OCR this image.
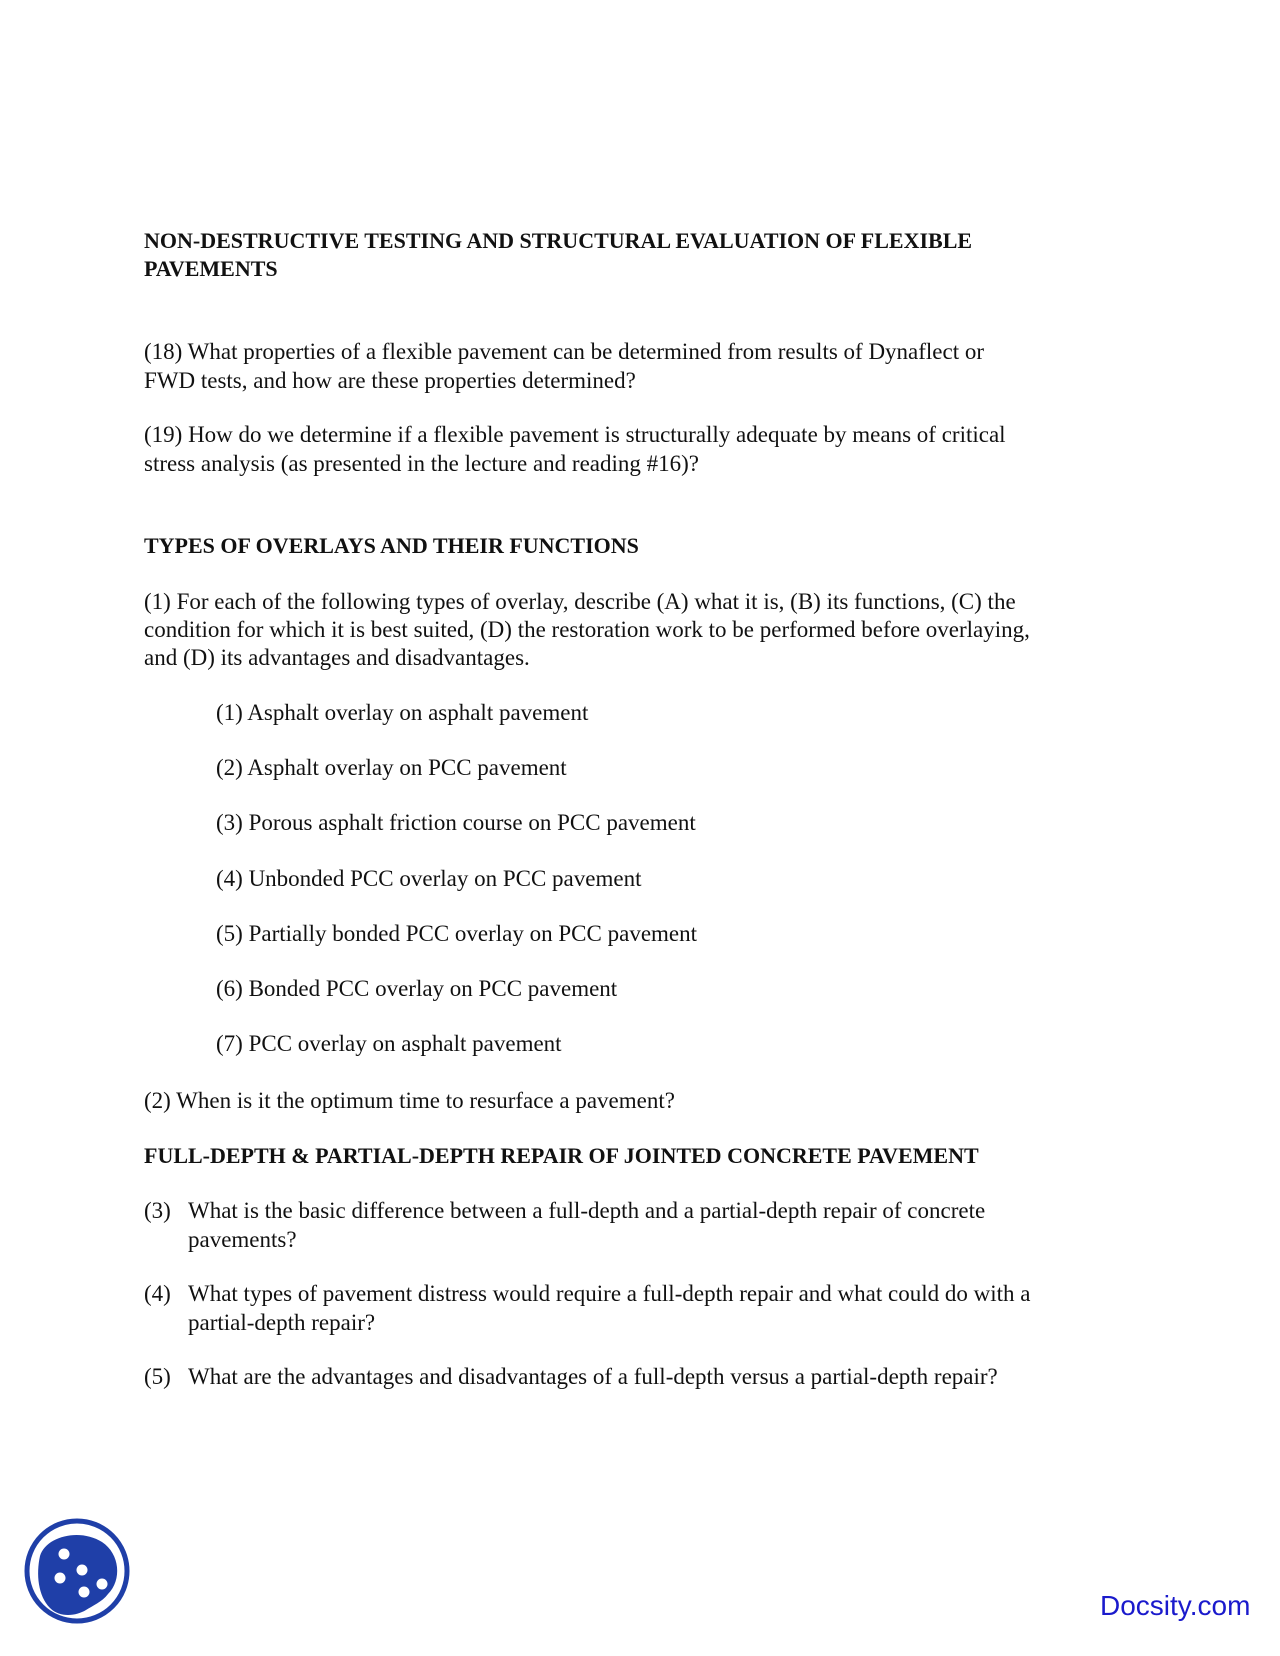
NON-DESTRUCTIVE TESTING AND STRUCTURAL EVALUATION OF FLEXIBLE

PAVEMENTS

(18) What properties of a flexible pavement can be determined from results of Dynaflect or

FWD tests, and how are these properties determined?

(19) How do we determine if a flexible pavement is structurally adequate by means of critical

stress analysis (as presented in the lecture and reading #16)?

TYPES OF OVERLAYS AND THEIR FUNCTIONS

(1) For each of the following types of overlay, describe (A) what it is, (B) its functions, (C) the

condition for which it is best suited, (D) the restoration work to be performed before overlaying,

and (D) its advantages and disadvantages.

(1) Asphalt overlay on asphalt pavement

(2) Asphalt overlay on PCC pavement

(3) Porous asphalt friction course on PCC pavement

(4) Unbonded PCC overlay on PCC pavement

(5) Partially bonded PCC overlay on PCC pavement

(6) Bonded PCC overlay on PCC pavement

(7) PCC overlay on asphalt pavement

(2) When is it the optimum time to resurface a pavement?

FULL-DEPTH & PARTIAL-DEPTH REPAIR OF JOINTED CONCRETE PAVEMENT

(3) What is the basic difference between a full-depth and a partial-depth repair of concrete

pavements?

(4) What types of pavement distress would require a full-depth repair and what could do with a

partial-depth repair?

(5) What are the advantages and disadvantages of a full-depth versus a partial-depth repair?

Docsity.com
